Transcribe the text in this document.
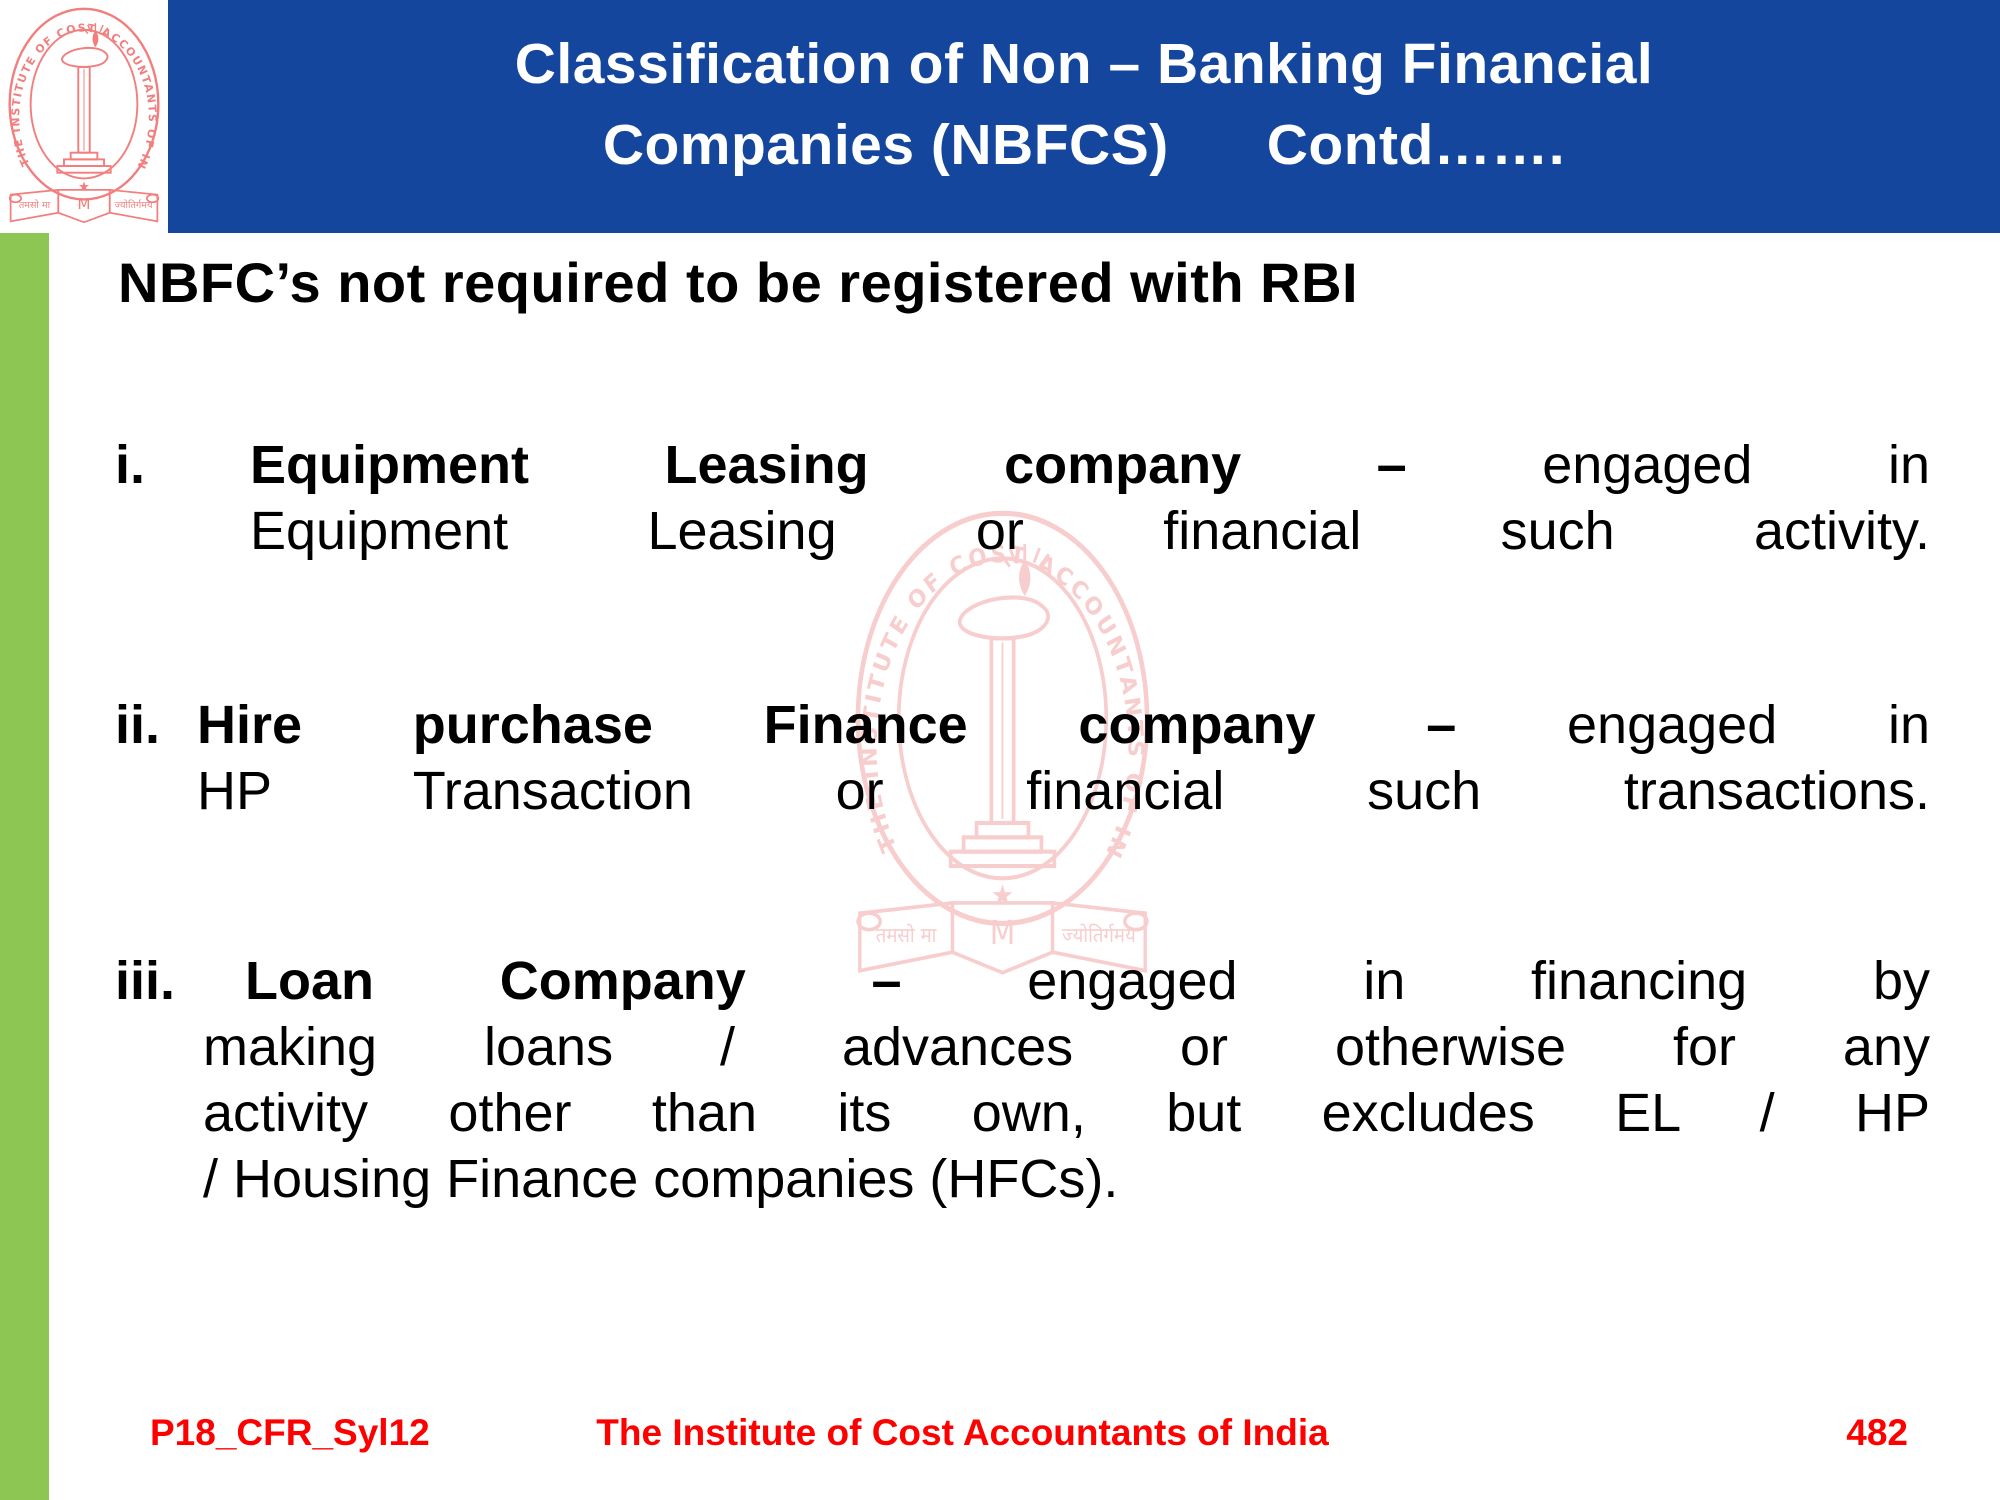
Classification of Non – Banking Financial
Companies (NBFCS)      Contd…….
NBFC’s not required to be registered with RBI
i. Equipment Leasing company – engaged in
Equipment Leasing or financial such activity.
ii. Hire purchase Finance company – engaged in
HP Transaction or financial such transactions.
iii. Loan Company – engaged in financing by
making loans / advances or otherwise for any
activity other than its own, but excludes EL / HP
/ Housing Finance companies (HFCs).
P18_CFR_Syl12	The Institute of Cost Accountants of India	482
